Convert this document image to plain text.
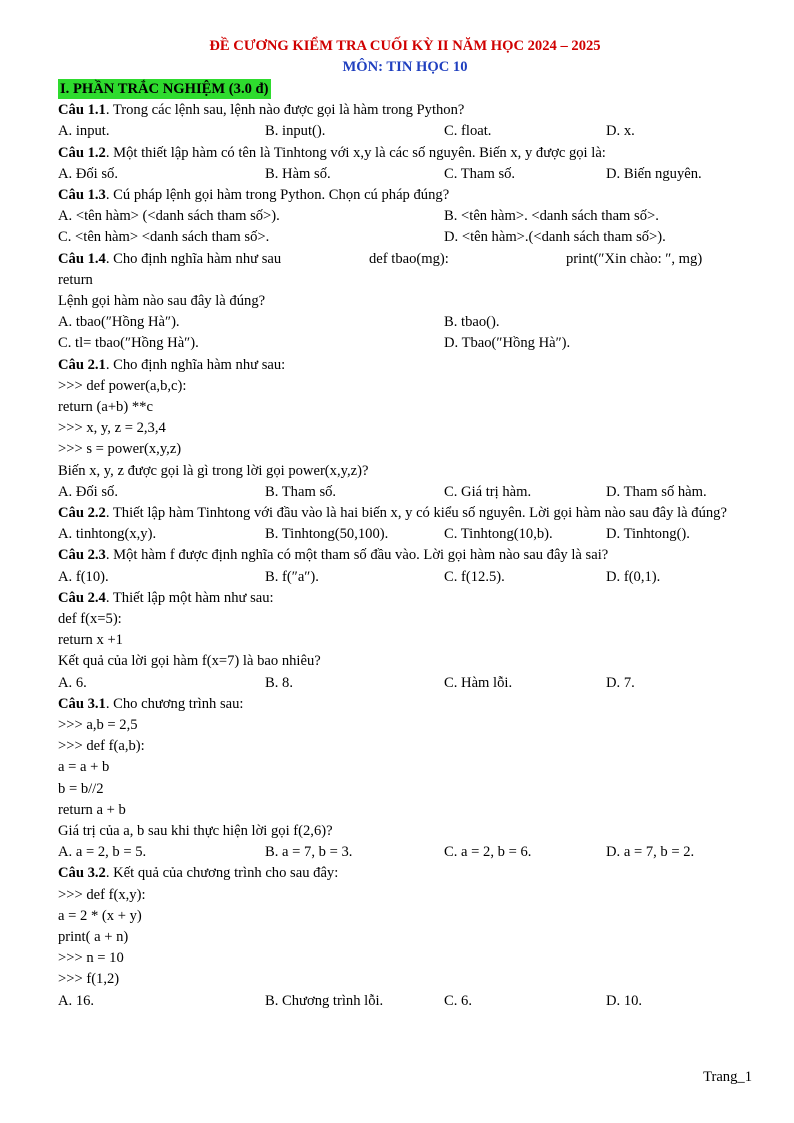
ĐỀ CƯƠNG KIỂM TRA CUỐI KỲ II NĂM HỌC 2024 – 2025
MÔN: TIN HỌC 10
I. PHẦN TRẮC NGHIỆM (3.0 đ)
Câu 1.1. Trong các lệnh sau, lệnh nào được gọi là hàm trong Python?
A. input.	B. input().	C. float.	D. x.
Câu 1.2. Một thiết lập hàm có tên là Tinhtong với x,y là các số nguyên. Biến x, y được gọi là:
A. Đối số.	B. Hàm số.	C. Tham số.	D. Biến nguyên.
Câu 1.3. Cú pháp lệnh gọi hàm trong Python. Chọn cú pháp đúng?
A. <tên hàm> (<danh sách tham số>).	B. <tên hàm>. <danh sách tham số>.
C. <tên hàm> <danh sách tham số>.	D. <tên hàm>.(<danh sách tham số>).
Câu 1.4 . Cho định nghĩa hàm như sau	def tbao(mg):	print(″Xin chào: ″, mg)
return
Lệnh gọi hàm nào sau đây là đúng?
A. tbao(″Hồng Hà″).	B. tbao().
C. tl= tbao(″Hồng Hà″).	D. Tbao(″Hồng Hà″).
Câu 2.1. Cho định nghĩa hàm như sau:
>>> def power(a,b,c):
return (a+b) **c
>>> x, y, z = 2,3,4
>>> s = power(x,y,z)
Biến x, y, z được gọi là gì trong lời gọi power(x,y,z)?
A. Đối số.	B. Tham số.	C. Giá trị hàm.	D. Tham số hàm.
Câu 2.2. Thiết lập hàm Tinhtong với đầu vào là hai biến x, y có kiểu số nguyên. Lời gọi hàm nào sau đây là đúng?
A. tinhtong(x,y).	B. Tinhtong(50,100).	C. Tinhtong(10,b).	D. Tinhtong().
Câu 2.3. Một hàm f được định nghĩa có một tham số đầu vào. Lời gọi hàm nào sau đây là sai?
A. f(10).	B. f(″a″).	C. f(12.5).	D. f(0,1).
Câu 2.4. Thiết lập một hàm như sau:
def f(x=5):
return x +1
Kết quả của lời gọi hàm f(x=7) là bao nhiêu?
A. 6.	B. 8.	C. Hàm lỗi.	D. 7.
Câu 3.1. Cho chương trình sau:
>>> a,b = 2,5
>>> def f(a,b):
a = a + b
b = b//2
return a + b
Giá trị của a, b sau khi thực hiện lời gọi f(2,6)?
A. a = 2, b = 5.	B. a = 7, b = 3.	C. a = 2, b = 6.	D. a = 7, b = 2.
Câu 3.2. Kết quả của chương trình cho sau đây:
>>> def f(x,y):
a = 2 * (x + y)
print( a + n)
>>> n = 10
>>> f(1,2)
A. 16.	B. Chương trình lỗi.	C. 6.	D. 10.
Trang_1
